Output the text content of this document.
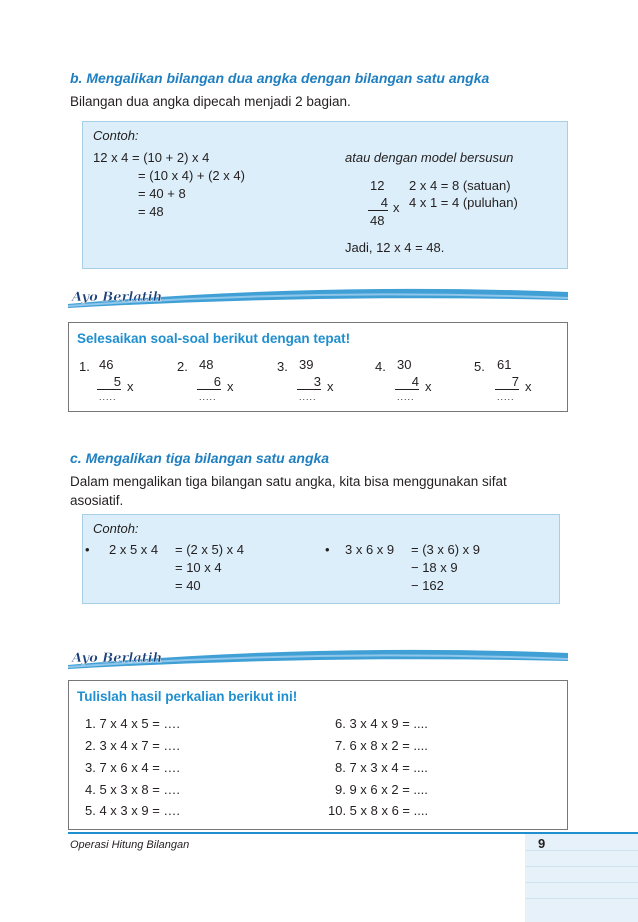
b. Mengalikan bilangan dua angka dengan bilangan satu angka
Bilangan dua angka dipecah menjadi 2 bagian.
Contoh:
12 x 4 = (10 + 2) x 4
= (10 x 4) + (2 x 4)
= 40 + 8
= 48
atau dengan model bersusun
12
4 x
48
2 x 4 = 8 (satuan)
4 x 1 = 4 (puluhan)
Jadi, 12 x 4 = 48.
Ayo Berlatih
Selesaikan soal-soal berikut dengan tepat!
1. 46
5 x
.....
2. 48
6 x
.....
3. 39
3 x
.....
4. 30
4 x
.....
5. 61
7 x
.....
c. Mengalikan tiga bilangan satu angka
Dalam mengalikan tiga bilangan satu angka, kita bisa menggunakan sifat
asosiatif.
Contoh:
• 2 x 5 x 4 = (2 x 5) x 4
= 10 x 4
= 40
• 3 x 6 x 9 = (3 x 6) x 9
− 18 x 9
− 162
Ayo Berlatih
Tulislah hasil perkalian berikut ini!
1. 7 x 4 x 5 = ….
2. 3 x 4 x 7 = ….
3. 7 x 6 x 4 = ….
4. 5 x 3 x 8 = ….
5. 4 x 3 x 9 = ….
6. 3 x 4 x 9 = ....
7. 6 x 8 x 2 = ....
8. 7 x 3 x 4 = ....
9. 9 x 6 x 2 = ....
10. 5 x 8 x 6 = ....
Operasi Hitung Bilangan	9
